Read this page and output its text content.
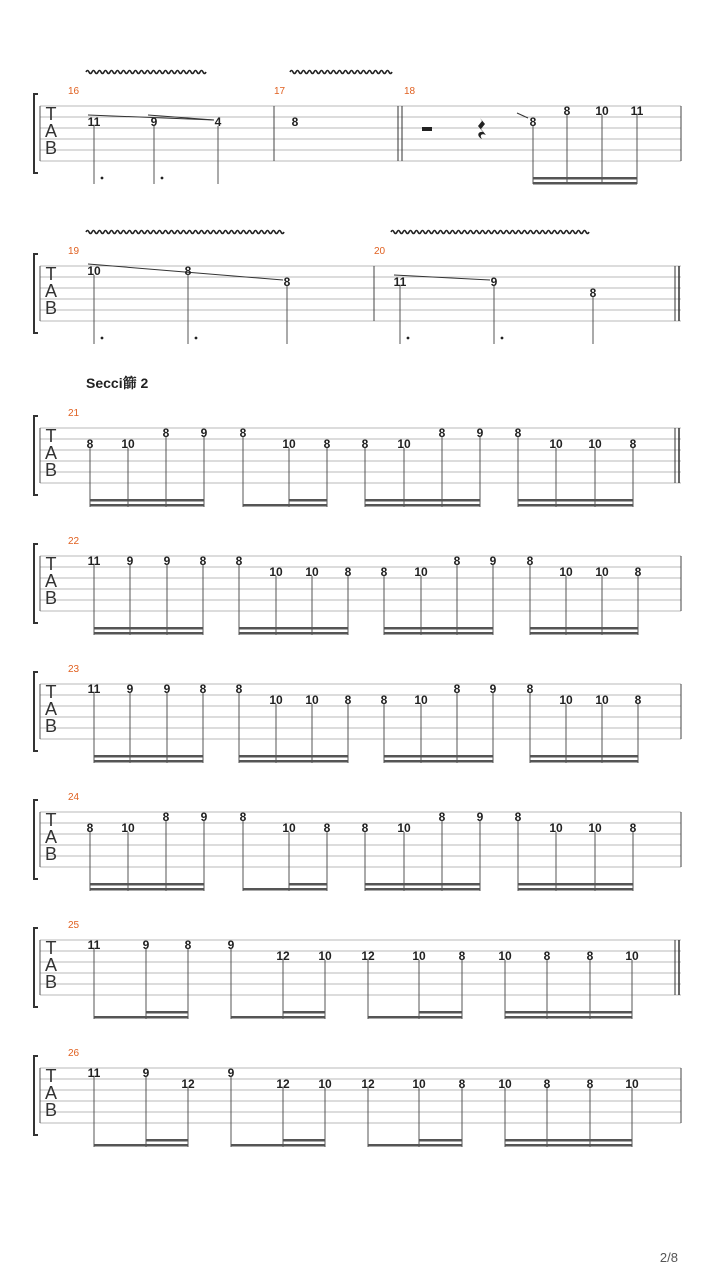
T
A
B
T
A
B
T
A
B
T
A
B
T
A
B
T
A
B
T
A
B
T
A
B
16	17	18
19	20
21
22
23
24
25
26
11	9	4	8	8
8 10 11
10	8
8	11	9
8
8 10
8	9	8
10 8	8 10
8	9	8
10 10 8
11 9	9 8 8
10 10 8 8 10
8 9	8
10 10 8
11 9	9 8 8
10 10 8 8 10
8 9	8
10 10 8
8 10
8	9	8
10 8	8 10
8	9	8
10 10 8
11	9	8	9
12 10 12	10	8	10	8	8	10
11	9
12
9
12 10 12	10	8	10	8	8	10
Secci篩 2
2/8
